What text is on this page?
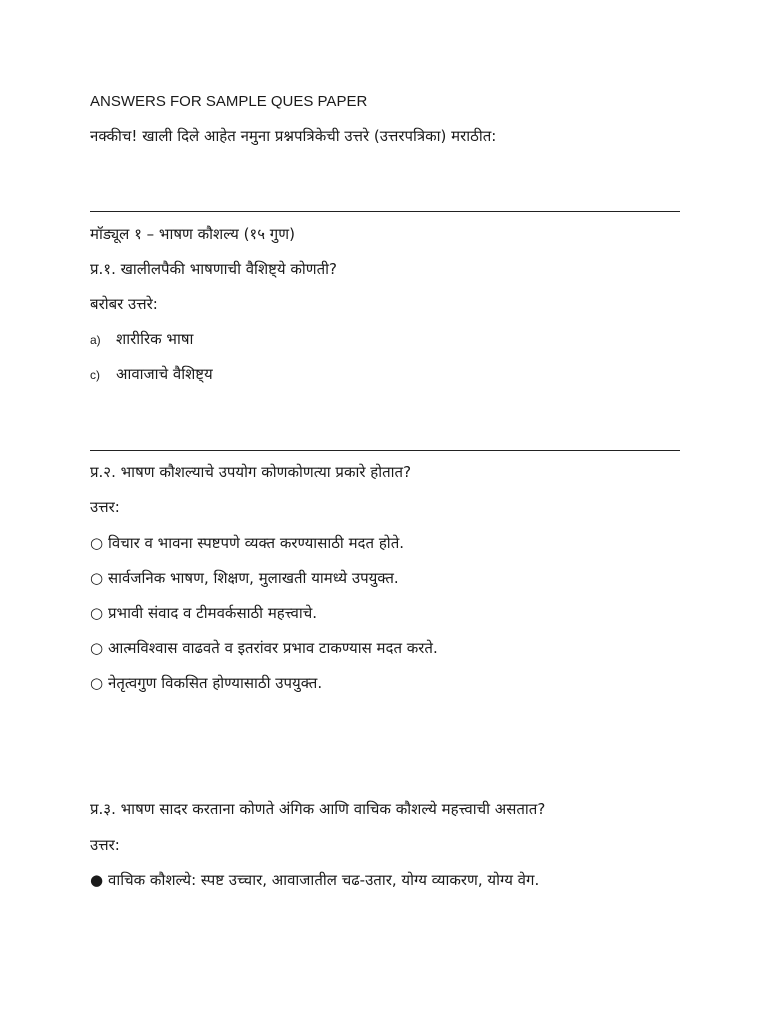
ANSWERS FOR SAMPLE QUES PAPER
नक्कीच! खाली दिले आहेत नमुना प्रश्नपत्रिकेची उत्तरे (उत्तरपत्रिका) मराठीत:
मॉड्यूल १ – भाषण कौशल्य (१५ गुण)
प्र.१. खालीलपैकी भाषणाची वैशिष्ट्ये कोणती?
बरोबर उत्तरे:
a) शारीरिक भाषा
c) आवाजाचे वैशिष्ट्य
प्र.२. भाषण कौशल्याचे उपयोग कोणकोणत्या प्रकारे होतात?
उत्तर:
○ विचार व भावना स्पष्टपणे व्यक्त करण्यासाठी मदत होते.
○ सार्वजनिक भाषण, शिक्षण, मुलाखती यामध्ये उपयुक्त.
○ प्रभावी संवाद व टीमवर्कसाठी महत्त्वाचे.
○ आत्मविश्वास वाढवते व इतरांवर प्रभाव टाकण्यास मदत करते.
○ नेतृत्वगुण विकसित होण्यासाठी उपयुक्त.
प्र.३. भाषण सादर करताना कोणते अंगिक आणि वाचिक कौशल्ये महत्त्वाची असतात?
उत्तर:
● वाचिक कौशल्ये: स्पष्ट उच्चार, आवाजातील चढ-उतार, योग्य व्याकरण, योग्य वेग.
